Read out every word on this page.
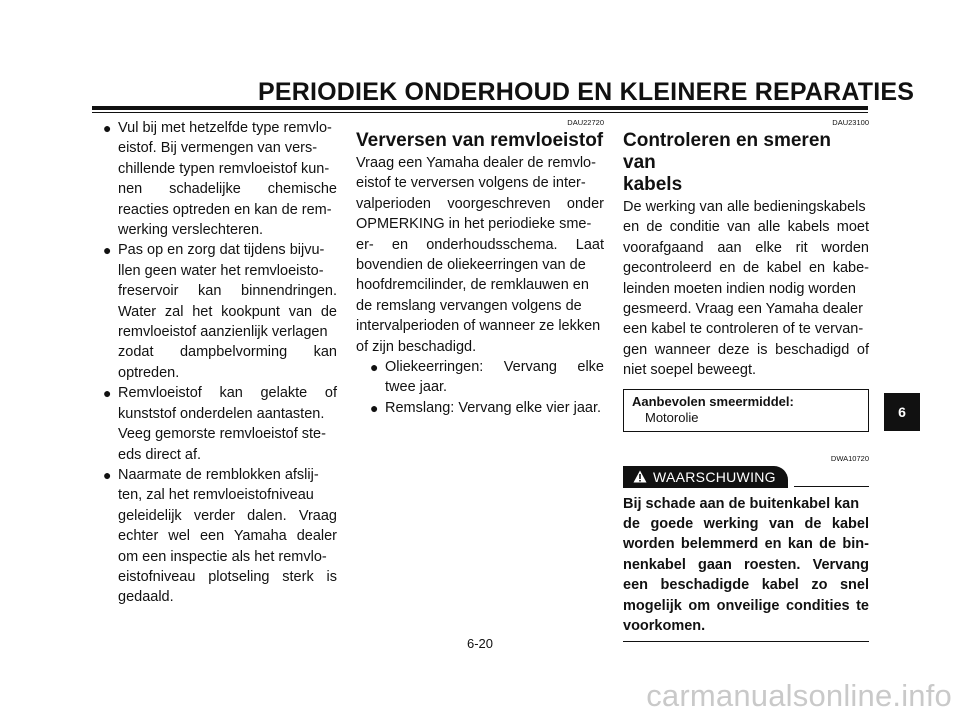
PERIODIEK ONDERHOUD EN KLEINERE REPARATIES
● Vul bij met hetzelfde type remvlo-
eistof. Bij vermengen van vers-
chillende typen remvloeistof kun-
nen schadelijke chemische
reacties optreden en kan de rem-
werking verslechteren.
● Pas op en zorg dat tijdens bijvu-
llen geen water het remvloeisto-
freservoir kan binnendringen.
Water zal het kookpunt van de
remvloeistof aanzienlijk verlagen
zodat dampbelvorming kan
optreden.
● Remvloeistof kan gelakte of
kunststof onderdelen aantasten.
Veeg gemorste remvloeistof ste-
eds direct af.
● Naarmate de remblokken afslij-
ten, zal het remvloeistofniveau
geleidelijk verder dalen. Vraag
echter wel een Yamaha dealer
om een inspectie als het remvlo-
eistofniveau plotseling sterk is
gedaald.
DAU22720
Verversen van remvloeistof
Vraag een Yamaha dealer de remvlo-
eistof te verversen volgens de inter-
valperioden voorgeschreven onder
OPMERKING in het periodieke sme-
er- en onderhoudsschema. Laat
bovendien de oliekeerringen van de
hoofdremcilinder, de remklauwen en
de remslang vervangen volgens de
intervalperioden of wanneer ze lekken
of zijn beschadigd.
● Oliekeerringen: Vervang elke
twee jaar.
● Remslang: Vervang elke vier jaar.
DAU23100
Controleren en smeren van
kabels
De werking van alle bedieningskabels
en de conditie van alle kabels moet
voorafgaand aan elke rit worden
gecontroleerd en de kabel en kabe-
leinden moeten indien nodig worden
gesmeerd. Vraag een Yamaha dealer
een kabel te controleren of te vervan-
gen wanneer deze is beschadigd of
niet soepel beweegt.
Aanbevolen smeermiddel:
Motorolie
DWA10720
WAARSCHUWING
Bij schade aan de buitenkabel kan
de goede werking van de kabel
worden belemmerd en kan de bin-
nenkabel gaan roesten. Vervang
een beschadigde kabel zo snel
mogelijk om onveilige condities te
voorkomen.
6
6-20
carmanualsonline.info
